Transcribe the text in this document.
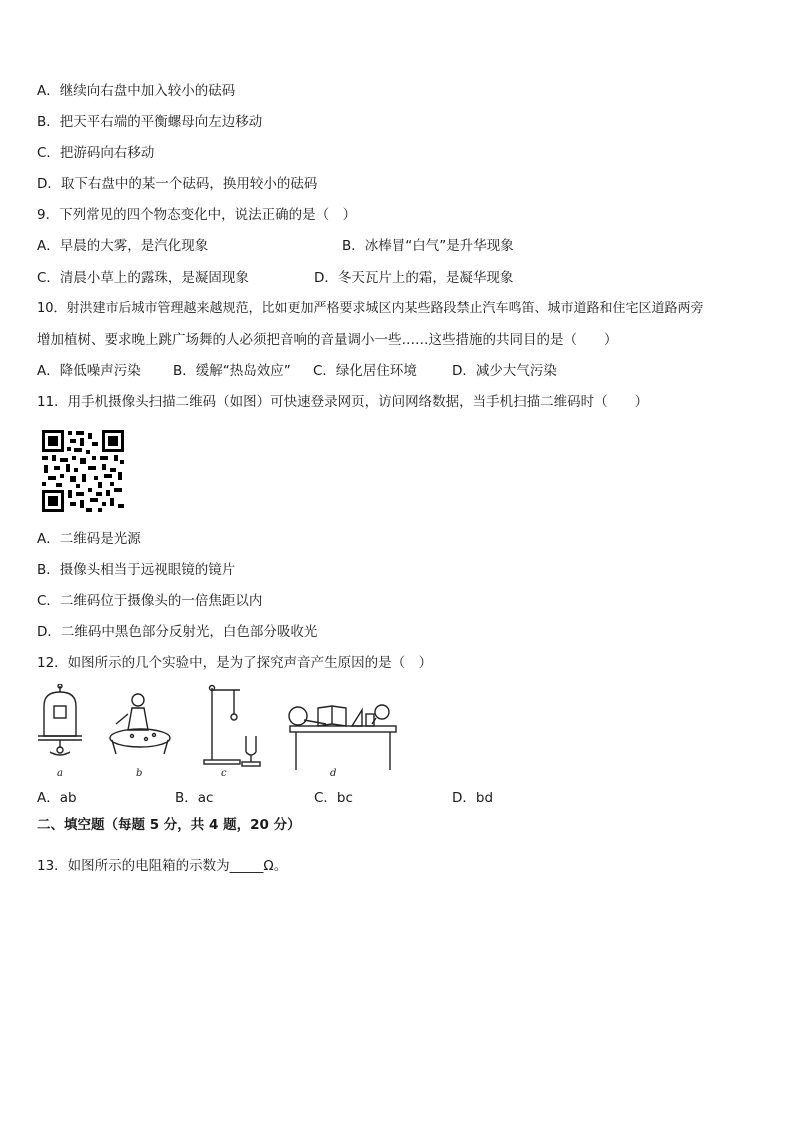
A．继续向右盘中加入较小的砝码
B．把天平右端的平衡螺母向左边移动
C．把游码向右移动
D．取下右盘中的某一个砝码，换用较小的砝码
9．下列常见的四个物态变化中，说法正确的是（　）
A．早晨的大雾，是汽化现象	B．冰棒冒“白气”是升华现象
C．清晨小草上的露珠，是凝固现象	D．冬天瓦片上的霜，是凝华现象
10．射洪建市后城市管理越来越规范，比如更加严格要求城区内某些路段禁止汽车鸣笛、城市道路和住宅区道路两旁
增加植树、要求晚上跳广场舞的人必须把音响的音量调小一些……这些措施的共同目的是（　　）
A．降低噪声污染 B．缓解“热岛效应” C．绿化居住环境	D．减少大气污染
11．用手机摄像头扫描二维码（如图）可快速登录网页，访问网络数据，当手机扫描二维码时（　　）
A．二维码是光源
B．摄像头相当于远视眼镜的镜片
C．二维码位于摄像头的一倍焦距以内
D．二维码中黑色部分反射光，白色部分吸收光
12．如图所示的几个实验中，是为了探究声音产生原因的是（　）
a	b	c	d
A．ab	B．ac	C．bc	D．bd
二、填空题（每题 5 分，共 4 题，20 分）
13．如图所示的电阻箱的示数为_____Ω。
